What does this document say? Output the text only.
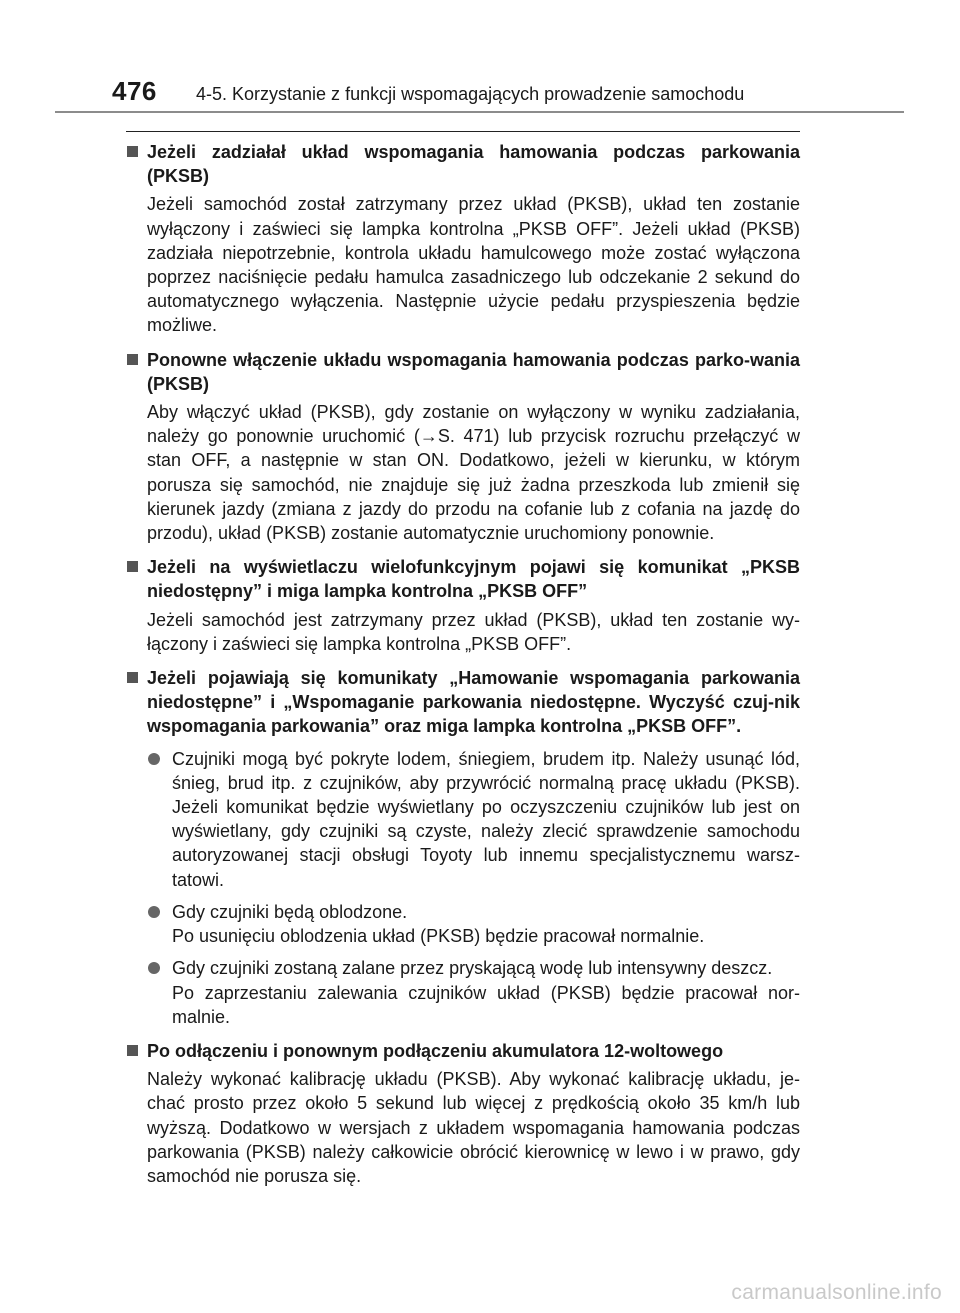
476 4-5. Korzystanie z funkcji wspomagających prowadzenie samochodu
Jeżeli zadziałał układ wspomagania hamowania podczas parkowania (PKSB)
Jeżeli samochód został zatrzymany przez układ (PKSB), układ ten zostanie wyłączony i zaświeci się lampka kontrolna „PKSB OFF”. Jeżeli układ (PKSB) zadziała niepotrzebnie, kontrola układu hamulcowego może zostać wyłączona poprzez naciśnięcie pedału hamulca zasadniczego lub odczekanie 2 sekund do automatycznego wyłączenia. Następnie użycie pedału przyspieszenia będzie możliwe.
Ponowne włączenie układu wspomagania hamowania podczas parko-wania (PKSB)
Aby włączyć układ (PKSB), gdy zostanie on wyłączony w wyniku zadziałania, należy go ponownie uruchomić (→S. 471) lub przycisk rozruchu przełączyć w stan OFF, a następnie w stan ON. Dodatkowo, jeżeli w kierunku, w którym porusza się samochód, nie znajduje się już żadna przeszkoda lub zmienił się kierunek jazdy (zmiana z jazdy do przodu na cofanie lub z cofania na jazdę do przodu), układ (PKSB) zostanie automatycznie uruchomiony ponownie.
Jeżeli na wyświetlaczu wielofunkcyjnym pojawi się komunikat „PKSB niedostępny” i miga lampka kontrolna „PKSB OFF”
Jeżeli samochód jest zatrzymany przez układ (PKSB), układ ten zostanie wy-łączony i zaświeci się lampka kontrolna „PKSB OFF”.
Jeżeli pojawiają się komunikaty „Hamowanie wspomagania parkowania niedostępne” i „Wspomaganie parkowania niedostępne. Wyczyść czuj-nik wspomagania parkowania” oraz miga lampka kontrolna „PKSB OFF”.
Czujniki mogą być pokryte lodem, śniegiem, brudem itp. Należy usunąć lód, śnieg, brud itp. z czujników, aby przywrócić normalną pracę układu (PKSB). Jeżeli komunikat będzie wyświetlany po oczyszczeniu czujników lub jest on wyświetlany, gdy czujniki są czyste, należy zlecić sprawdzenie samochodu autoryzowanej stacji obsługi Toyoty lub innemu specjalistycznemu warsz-tatowi.
Gdy czujniki będą oblodzone.
Po usunięciu oblodzenia układ (PKSB) będzie pracował normalnie.
Gdy czujniki zostaną zalane przez pryskającą wodę lub intensywny deszcz.
Po zaprzestaniu zalewania czujników układ (PKSB) będzie pracował nor-malnie.
Po odłączeniu i ponownym podłączeniu akumulatora 12-woltowego
Należy wykonać kalibrację układu (PKSB). Aby wykonać kalibrację układu, je-chać prosto przez około 5 sekund lub więcej z prędkością około 35 km/h lub wyższą. Dodatkowo w wersjach z układem wspomagania hamowania podczas parkowania (PKSB) należy całkowicie obrócić kierownicę w lewo i w prawo, gdy samochód nie porusza się.
carmanualsonline.info
